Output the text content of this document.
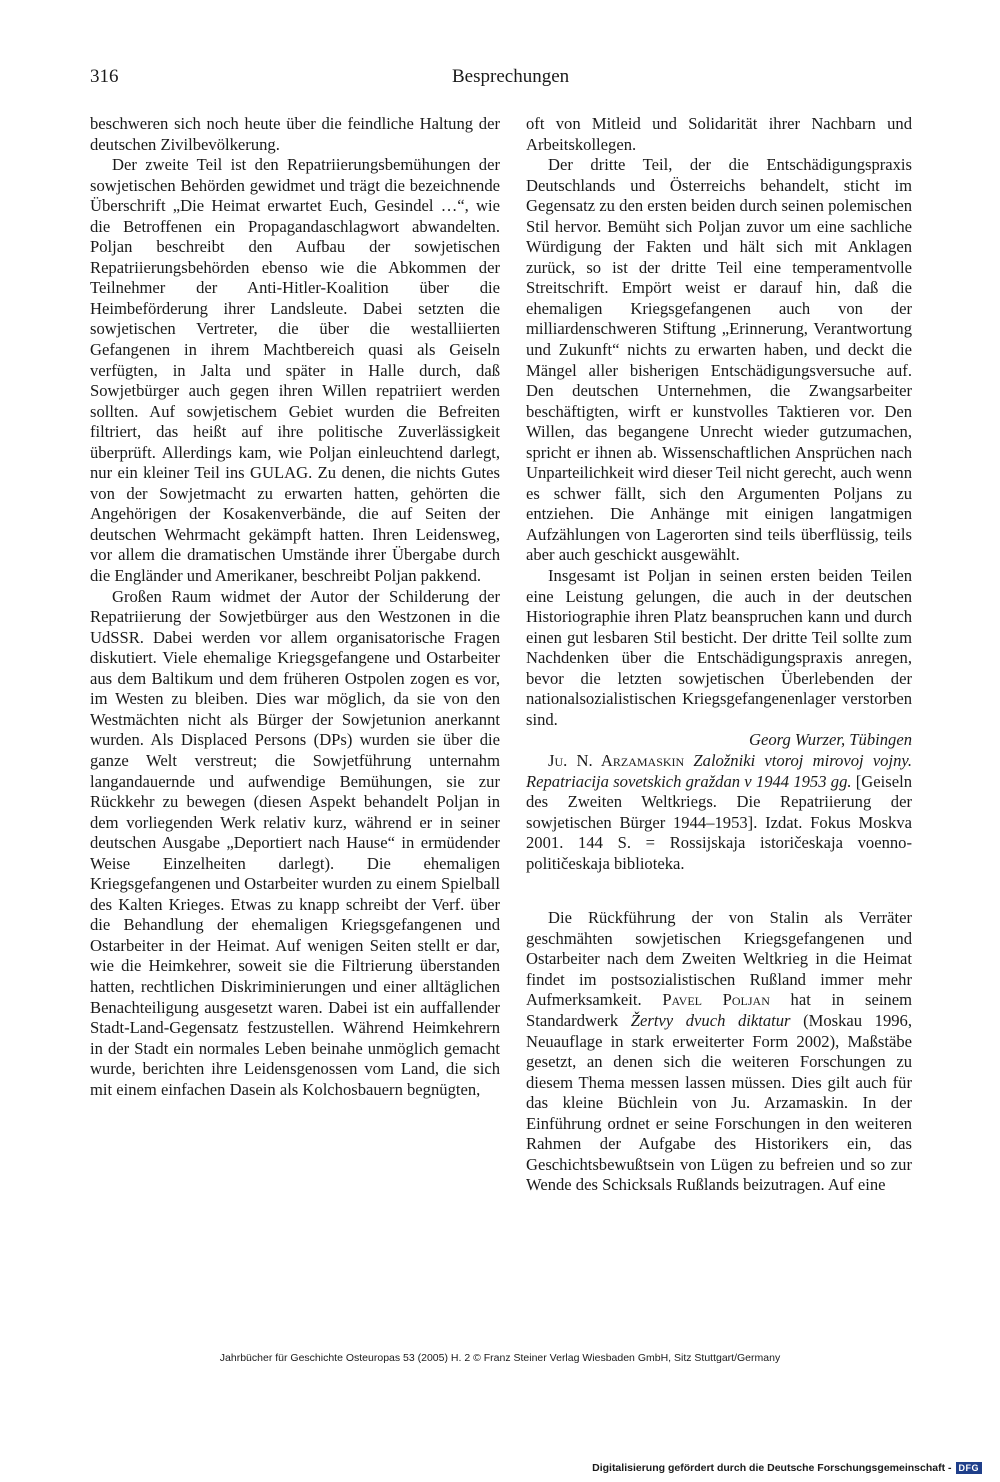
316	Besprechungen

beschweren sich noch heute über die feindliche Haltung der deutschen Zivilbevölkerung.

Der zweite Teil ist den Repatriierungsbemühungen der sowjetischen Behörden gewidmet und trägt die bezeichnende Überschrift „Die Heimat erwartet Euch, Gesindel …“, wie die Betroffenen ein Propagandaschlagwort abwandelten. Poljan beschreibt den Aufbau der sowjetischen Repatriierungsbehörden ebenso wie die Abkommen der Teilnehmer der Anti-Hitler-Koalition über die Heimbeförderung ihrer Landsleute. Dabei setzten die sowjetischen Vertreter, die über die westalliierten Gefangenen in ihrem Machtbereich quasi als Geiseln verfügten, in Jalta und später in Halle durch, daß Sowjetbürger auch gegen ihren Willen repatriiert werden sollten. Auf sowjetischem Gebiet wurden die Befreiten filtriert, das heißt auf ihre politische Zuverlässigkeit überprüft. Allerdings kam, wie Poljan einleuchtend darlegt, nur ein kleiner Teil ins GULAG. Zu denen, die nichts Gutes von der Sowjetmacht zu erwarten hatten, gehörten die Angehörigen der Kosakenverbände, die auf Seiten der deutschen Wehrmacht gekämpft hatten. Ihren Leidensweg, vor allem die dramatischen Umstände ihrer Übergabe durch die Engländer und Amerikaner, beschreibt Poljan pakkend.

Großen Raum widmet der Autor der Schilderung der Repatriierung der Sowjetbürger aus den Westzonen in die UdSSR. Dabei werden vor allem organisatorische Fragen diskutiert. Viele ehemalige Kriegsgefangene und Ostarbeiter aus dem Baltikum und dem früheren Ostpolen zogen es vor, im Westen zu bleiben. Dies war möglich, da sie von den Westmächten nicht als Bürger der Sowjetunion anerkannt wurden. Als Displaced Persons (DPs) wurden sie über die ganze Welt verstreut; die Sowjetführung unternahm langandauernde und aufwendige Bemühungen, sie zur Rückkehr zu bewegen (diesen Aspekt behandelt Poljan in dem vorliegenden Werk relativ kurz, während er in seiner deutschen Ausgabe „Deportiert nach Hause“ in ermüdender Weise Einzelheiten darlegt). Die ehemaligen Kriegsgefangenen und Ostarbeiter wurden zu einem Spielball des Kalten Krieges. Etwas zu knapp schreibt der Verf. über die Behandlung der ehemaligen Kriegsgefangenen und Ostarbeiter in der Heimat. Auf wenigen Seiten stellt er dar, wie die Heimkehrer, soweit sie die Filtrierung überstanden hatten, rechtlichen Diskriminierungen und einer alltäglichen Benachteiligung ausgesetzt waren. Dabei ist ein auffallender Stadt-Land-Gegensatz festzustellen. Während Heimkehrern in der Stadt ein normales Leben beinahe unmöglich gemacht wurde, berichten ihre Leidensgenossen vom Land, die sich mit einem einfachen Dasein als Kolchosbauern begnügten,

oft von Mitleid und Solidarität ihrer Nachbarn und Arbeitskollegen.

Der dritte Teil, der die Entschädigungspraxis Deutschlands und Österreichs behandelt, sticht im Gegensatz zu den ersten beiden durch seinen polemischen Stil hervor. Bemüht sich Poljan zuvor um eine sachliche Würdigung der Fakten und hält sich mit Anklagen zurück, so ist der dritte Teil eine temperamentvolle Streitschrift. Empört weist er darauf hin, daß die ehemaligen Kriegsgefangenen auch von der milliardenschweren Stiftung „Erinnerung, Verantwortung und Zukunft“ nichts zu erwarten haben, und deckt die Mängel aller bisherigen Entschädigungsversuche auf. Den deutschen Unternehmen, die Zwangsarbeiter beschäftigten, wirft er kunstvolles Taktieren vor. Den Willen, das begangene Unrecht wieder gutzumachen, spricht er ihnen ab. Wissenschaftlichen Ansprüchen nach Unparteilichkeit wird dieser Teil nicht gerecht, auch wenn es schwer fällt, sich den Argumenten Poljans zu entziehen. Die Anhänge mit einigen langatmigen Aufzählungen von Lagerorten sind teils überflüssig, teils aber auch geschickt ausgewählt.

Insgesamt ist Poljan in seinen ersten beiden Teilen eine Leistung gelungen, die auch in der deutschen Historiographie ihren Platz beanspruchen kann und durch einen gut lesbaren Stil besticht. Der dritte Teil sollte zum Nachdenken über die Entschädigungspraxis anregen, bevor die letzten sowjetischen Überlebenden der nationalsozialistischen Kriegsgefangenenlager verstorben sind.

Georg Wurzer, Tübingen

Ju. N. Arzamaskin Založniki vtoroj mirovoj vojny. Repatriacija sovetskich graždan v 1944 1953 gg. [Geiseln des Zweiten Weltkriegs. Die Repatriierung der sowjetischen Bürger 1944–1953]. Izdat. Fokus Moskva 2001. 144 S. = Rossijskaja istoričeskaja voenno-političeskaja biblioteka.

Die Rückführung der von Stalin als Verräter geschmähten sowjetischen Kriegsgefangenen und Ostarbeiter nach dem Zweiten Weltkrieg in die Heimat findet im postsozialistischen Rußland immer mehr Aufmerksamkeit. Pavel Poljan hat in seinem Standardwerk Žertvy dvuch diktatur (Moskau 1996, Neuauflage in stark erweiterter Form 2002), Maßstäbe gesetzt, an denen sich die weiteren Forschungen zu diesem Thema messen lassen müssen. Dies gilt auch für das kleine Büchlein von Ju. Arzamaskin. In der Einführung ordnet er seine Forschungen in den weiteren Rahmen der Aufgabe des Historikers ein, das Geschichtsbewußtsein von Lügen zu befreien und so zur Wende des Schicksals Rußlands beizutragen. Auf eine

Jahrbücher für Geschichte Osteuropas 53 (2005) H. 2 © Franz Steiner Verlag Wiesbaden GmbH, Sitz Stuttgart/Germany
Digitalisierung gefördert durch die Deutsche Forschungsgemeinschaft - DFG
